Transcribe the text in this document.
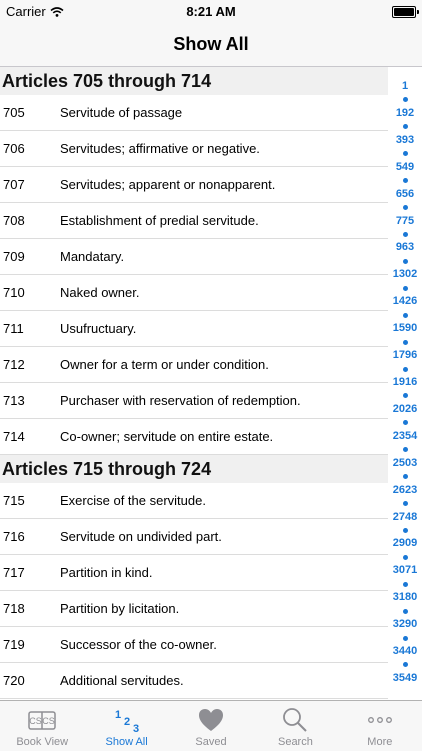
Carrier	8:21 AM
Show All
Articles 705 through 714
705	Servitude of passage
706	Servitudes; affirmative or negative.
707	Servitudes; apparent or nonapparent.
708	Establishment of predial servitude.
709	Mandatary.
710	Naked owner.
711	Usufructuary.
712	Owner for a term or under condition.
713	Purchaser with reservation of redemption.
714	Co-owner; servitude on entire estate.
Articles 715 through 724
715	Exercise of the servitude.
716	Servitude on undivided part.
717	Partition in kind.
718	Partition by licitation.
719	Successor of the co-owner.
720	Additional servitudes.
1
192
393
549
656
775
963
1302
1426
1590
1796
1916
2026
2354
2503
2623
2748
2909
3071
3180
3290
3440
3549
CS CS
Book View
1
2
3
Show All	Saved	Search	More
